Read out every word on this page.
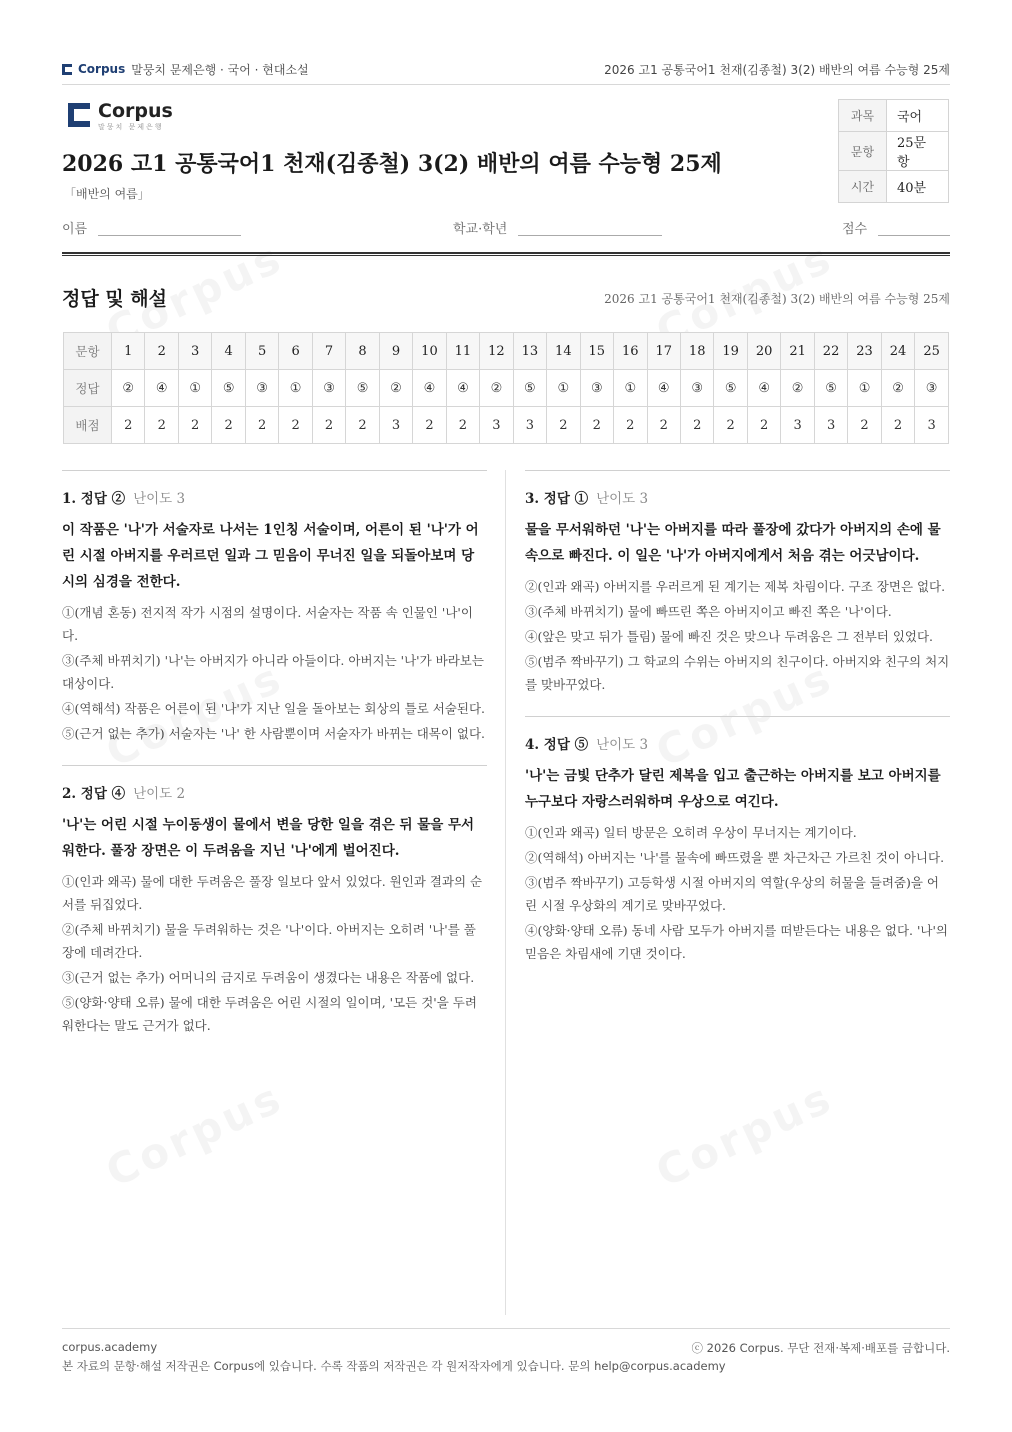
Corpus 말뭉치 문제은행 · 국어 · 현대소설	2026 고1 공통국어1 천재(김종철) 3(2) 배반의 여름 수능형 25제
Corpus
말뭉치 문제은행
2026 고1 공통국어1 천재(김종철) 3(2) 배반의 여름 수능형 25제
「배반의 여름」
과목	국어
문항	25문항
시간	40분
이름	학교·학년	점수
정답 및 해설	2026 고1 공통국어1 천재(김종철) 3(2) 배반의 여름 수능형 25제
문항	1	2	3	4	5	6	7	8	9	10	11	12	13	14	15	16	17	18	19	20	21	22	23	24	25
정답	②	④	①	⑤	③	①	③	⑤	②	④	④	②	⑤	①	③	①	④	③	⑤	④	②	⑤	①	②	③
배점	2	2	2	2	2	2	2	2	3	2	2	3	3	2	2	2	2	2	2	2	3	3	2	2	3
1. 정답 ② 난이도 3
이 작품은 '나'가 서술자로 나서는 1인칭 서술이며, 어른이 된 '나'가 어린 시절 아버지를 우러르던 일과 그 믿음이 무너진 일을 되돌아보며 당시의 심경을 전한다.
①(개념 혼동) 전지적 작가 시점의 설명이다. 서술자는 작품 속 인물인 '나'이다.
③(주체 바뀌치기) '나'는 아버지가 아니라 아들이다. 아버지는 '나'가 바라보는 대상이다.
④(역해석) 작품은 어른이 된 '나'가 지난 일을 돌아보는 회상의 틀로 서술된다.
⑤(근거 없는 추가) 서술자는 '나' 한 사람뿐이며 서술자가 바뀌는 대목이 없다.
2. 정답 ④ 난이도 2
'나'는 어린 시절 누이동생이 물에서 변을 당한 일을 겪은 뒤 물을 무서워한다. 풀장 장면은 이 두려움을 지닌 '나'에게 벌어진다.
①(인과 왜곡) 물에 대한 두려움은 풀장 일보다 앞서 있었다. 원인과 결과의 순서를 뒤집었다.
②(주체 바뀌치기) 물을 두려워하는 것은 '나'이다. 아버지는 오히려 '나'를 풀장에 데려간다.
③(근거 없는 추가) 어머니의 금지로 두려움이 생겼다는 내용은 작품에 없다.
⑤(양화·양태 오류) 물에 대한 두려움은 어린 시절의 일이며, '모든 것'을 두려워한다는 말도 근거가 없다.
3. 정답 ① 난이도 3
물을 무서워하던 '나'는 아버지를 따라 풀장에 갔다가 아버지의 손에 물속으로 빠진다. 이 일은 '나'가 아버지에게서 처음 겪는 어긋남이다.
②(인과 왜곡) 아버지를 우러르게 된 계기는 제복 차림이다. 구조 장면은 없다.
③(주체 바뀌치기) 물에 빠뜨린 쪽은 아버지이고 빠진 쪽은 '나'이다.
④(앞은 맞고 뒤가 틀림) 물에 빠진 것은 맞으나 두려움은 그 전부터 있었다.
⑤(범주 짝바꾸기) 그 학교의 수위는 아버지의 친구이다. 아버지와 친구의 처지를 맞바꾸었다.
4. 정답 ⑤ 난이도 3
'나'는 금빛 단추가 달린 제복을 입고 출근하는 아버지를 보고 아버지를 누구보다 자랑스러워하며 우상으로 여긴다.
①(인과 왜곡) 일터 방문은 오히려 우상이 무너지는 계기이다.
②(역해석) 아버지는 '나'를 물속에 빠뜨렸을 뿐 차근차근 가르친 것이 아니다.
③(범주 짝바꾸기) 고등학생 시절 아버지의 역할(우상의 허물을 들려줌)을 어린 시절 우상화의 계기로 맞바꾸었다.
④(양화·양태 오류) 동네 사람 모두가 아버지를 떠받든다는 내용은 없다. '나'의 믿음은 차림새에 기댄 것이다.
corpus.academy	ⓒ 2026 Corpus. 무단 전재·복제·배포를 금합니다.
본 자료의 문항·해설 저작권은 Corpus에 있습니다. 수록 작품의 저작권은 각 원저작자에게 있습니다. 문의 help@corpus.academy
